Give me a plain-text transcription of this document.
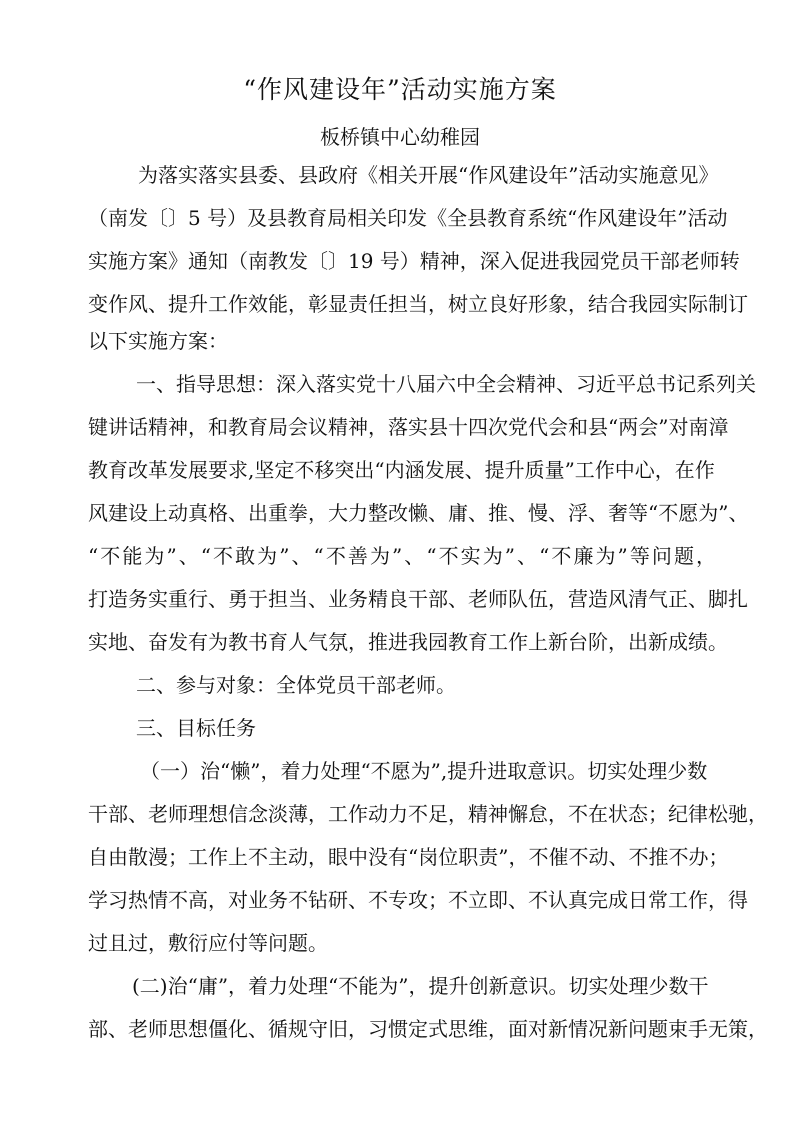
“作风建设年”活动实施方案
板桥镇中心幼稚园
为落实落实县委、县政府《相关开展“作风建设年”活动实施意见》
（南发〔〕5 号）及县教育局相关印发《全县教育系统“作风建设年”活动
实施方案》通知（南教发〔〕19 号）精神，深入促进我园党员干部老师转
变作风、提升工作效能，彰显责任担当，树立良好形象，结合我园实际制订
以下实施方案：
一、指导思想：深入落实党十八届六中全会精神、习近平总书记系列关
键讲话精神，和教育局会议精神，落实县十四次党代会和县“两会”对南漳
教育改革发展要求,坚定不移突出“内涵发展、提升质量”工作中心，在作
风建设上动真格、出重拳，大力整改懒、庸、推、慢、浮、奢等“不愿为”、
“不能为”、“不敢为”、“不善为”、“不实为”、“不廉为”等问题，
打造务实重行、勇于担当、业务精良干部、老师队伍，营造风清气正、脚扎
实地、奋发有为教书育人气氛，推进我园教育工作上新台阶，出新成绩。
二、参与对象：全体党员干部老师。
三、目标任务
（一）治“懒”，着力处理“不愿为”,提升进取意识。切实处理少数
干部、老师理想信念淡薄，工作动力不足，精神懈怠，不在状态；纪律松驰，
自由散漫；工作上不主动，眼中没有“岗位职责”，不催不动、不推不办；
学习热情不高，对业务不钻研、不专攻；不立即、不认真完成日常工作，得
过且过，敷衍应付等问题。
(二)治“庸”，着力处理“不能为”，提升创新意识。切实处理少数干
部、老师思想僵化、循规守旧，习惯定式思维，面对新情况新问题束手无策，
